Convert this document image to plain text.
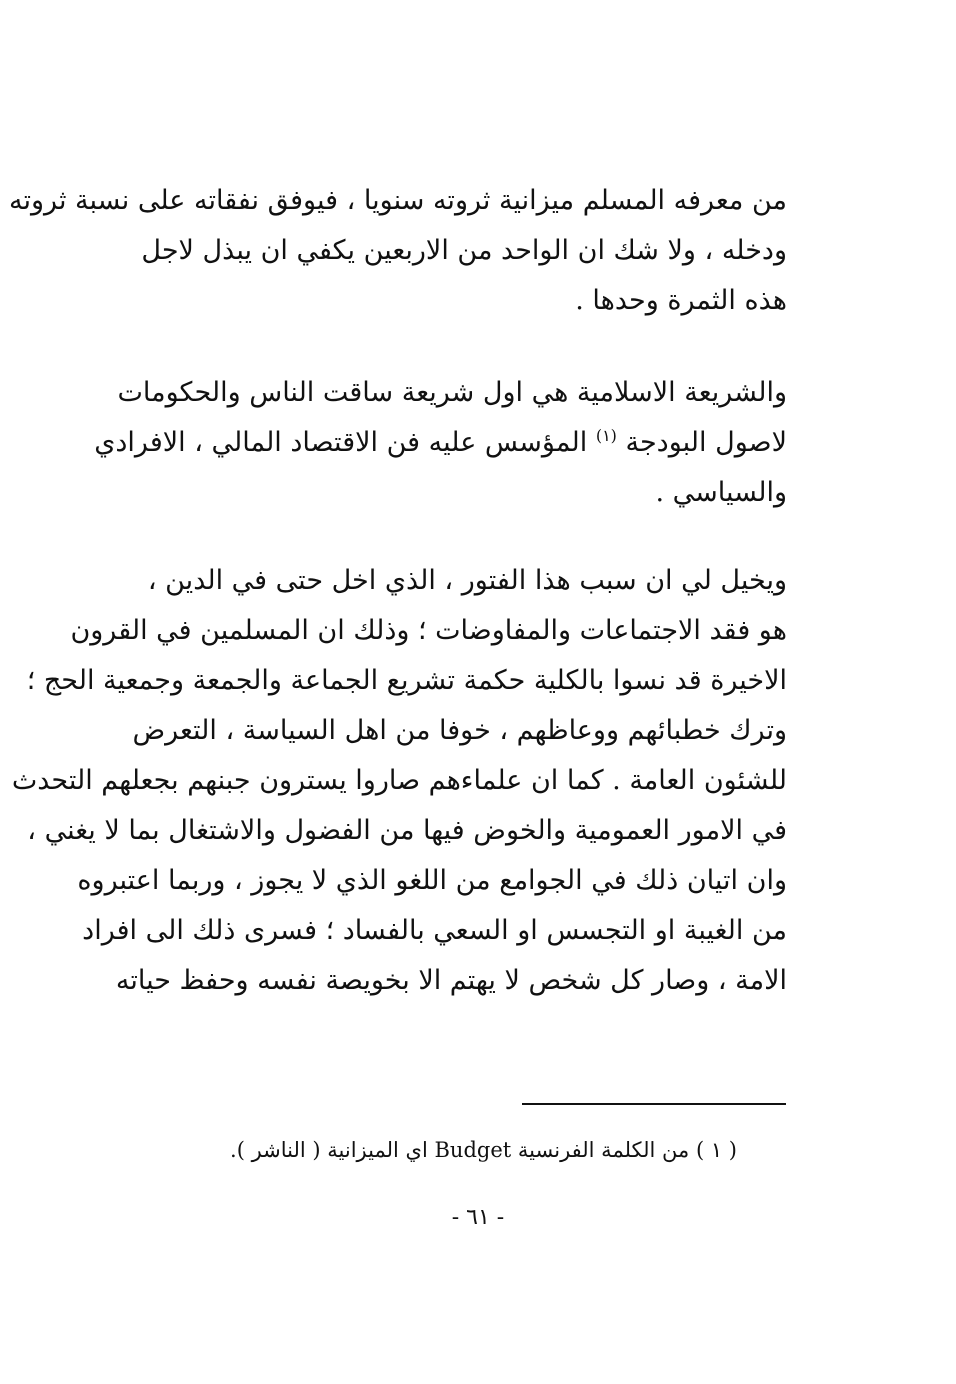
من معرفه المسلم ميزانية ثروته سنويا ، فيوفق نفقاته على نسبة ثروته
ودخله ، ولا شك ان الواحد من الاربعين يكفي ان يبذل لاجل
هذه الثمرة وحدها .
والشريعة الاسلامية هي اول شريعة ساقت الناس والحكومات
لاصول البودجة $^{(١)}$ المؤسس عليه فن الاقتصاد المالي ، الافرادي
والسياسي .
ويخيل لي ان سبب هذا الفتور ، الذي اخل حتى في الدين ،
هو فقد الاجتماعات والمفاوضات ؛ وذلك ان المسلمين في القرون
الاخيرة قد نسوا بالكلية حكمة تشريع الجماعة والجمعة وجمعية الحج ؛
وترك خطبائهم ووعاظهم ، خوفا من اهل السياسة ، التعرض
للشئون العامة . كما ان علماءهم صاروا يسترون جبنهم بجعلهم التحدث
في الامور العمومية والخوض فيها من الفضول والاشتغال بما لا يغني ،
وان اتيان ذلك في الجوامع من اللغو الذي لا يجوز ، وربما اعتبروه
من الغيبة او التجسس او السعي بالفساد ؛ فسرى ذلك الى افراد
الامة ، وصار كل شخص لا يهتم الا بخويصة نفسه وحفظ حياته
( ١ ) من الكلمة الفرنسية Budget اي الميزانية ( الناشر ).
- ٦١ -
